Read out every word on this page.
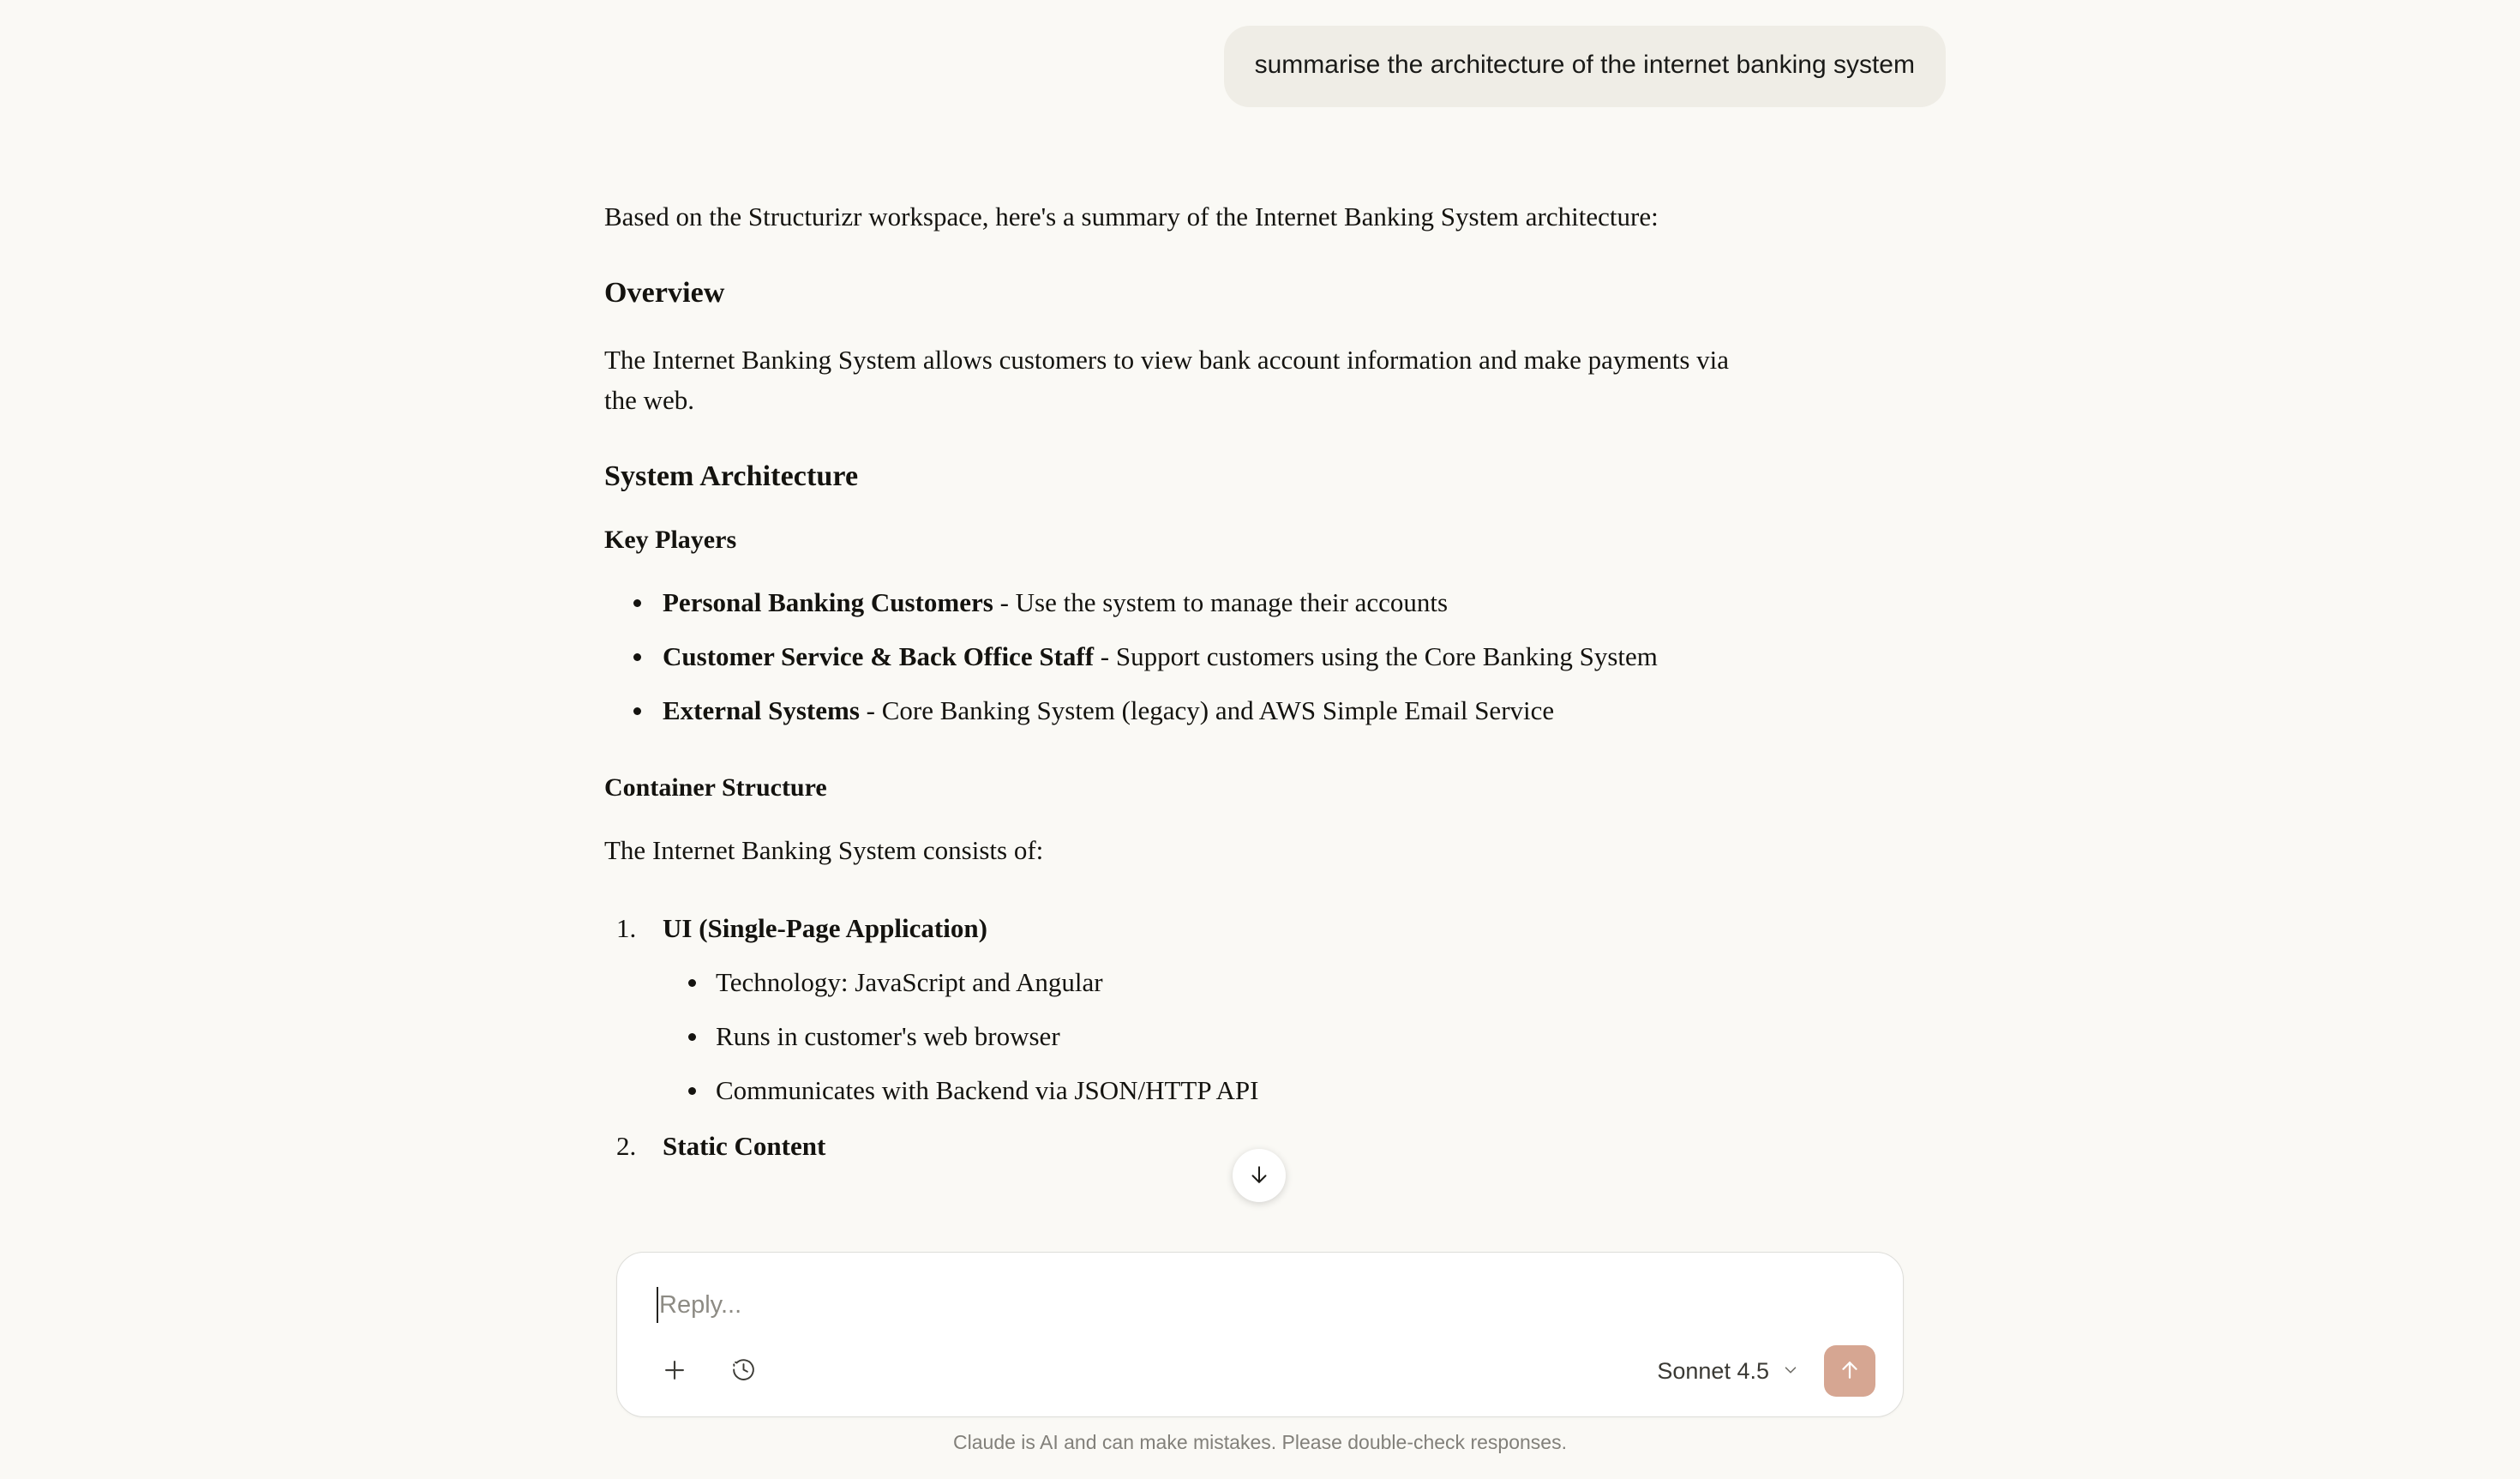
summarise the architecture of the internet banking system

Based on the Structurizr workspace, here's a summary of the Internet Banking System architecture:

Overview

The Internet Banking System allows customers to view bank account information and make payments via the web.

System Architecture
Key Players
Personal Banking Customers - Use the system to manage their accounts
Customer Service & Back Office Staff - Support customers using the Core Banking System
External Systems - Core Banking System (legacy) and AWS Simple Email Service
Container Structure

The Internet Banking System consists of:

UI (Single-Page Application)
Technology: JavaScript and Angular
Runs in customer's web browser
Communicates with Backend via JSON/HTTP API
Static Content
Reply...
Sonnet 4.5
Claude is AI and can make mistakes. Please double-check responses.
